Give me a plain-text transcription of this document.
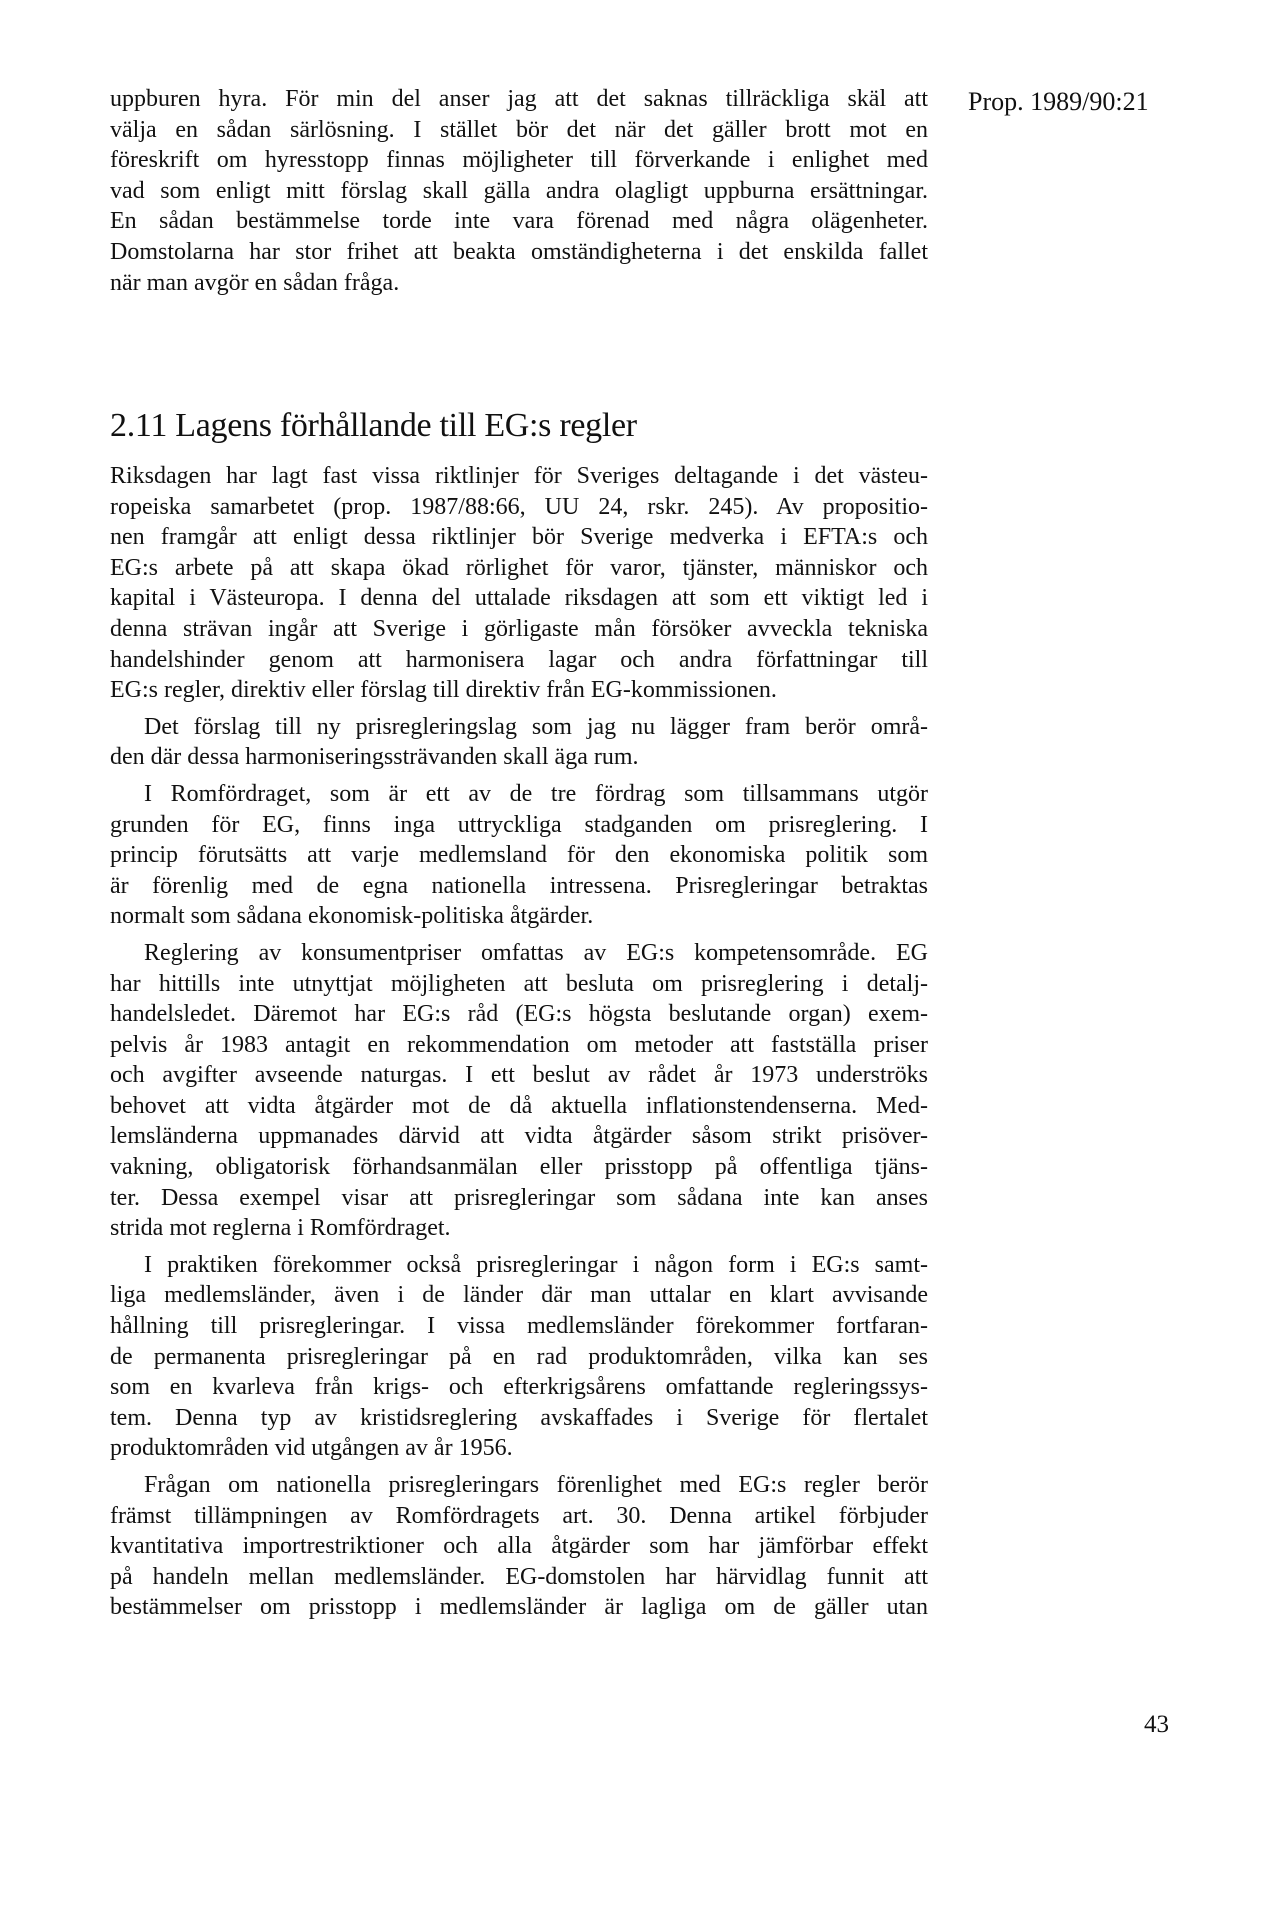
Prop. 1989/90:21

uppburen hyra. För min del anser jag att det saknas tillräckliga skäl att
välja en sådan särlösning. I stället bör det när det gäller brott mot en
föreskrift om hyresstopp finnas möjligheter till förverkande i enlighet med
vad som enligt mitt förslag skall gälla andra olagligt uppburna ersättningar.
En sådan bestämmelse torde inte vara förenad med några olägenheter.
Domstolarna har stor frihet att beakta omständigheterna i det enskilda fallet
när man avgör en sådan fråga.

2.11 Lagens förhållande till EG:s regler

Riksdagen har lagt fast vissa riktlinjer för Sveriges deltagande i det västeu-
ropeiska samarbetet (prop. 1987/88:66, UU 24, rskr. 245). Av propositio-
nen framgår att enligt dessa riktlinjer bör Sverige medverka i EFTA:s och
EG:s arbete på att skapa ökad rörlighet för varor, tjänster, människor och
kapital i Västeuropa. I denna del uttalade riksdagen att som ett viktigt led i
denna strävan ingår att Sverige i görligaste mån försöker avveckla tekniska
handelshinder genom att harmonisera lagar och andra författningar till
EG:s regler, direktiv eller förslag till direktiv från EG-kommissionen.

Det förslag till ny prisregleringslag som jag nu lägger fram berör områ-
den där dessa harmoniseringssträvanden skall äga rum.

I Romfördraget, som är ett av de tre fördrag som tillsammans utgör
grunden för EG, finns inga uttryckliga stadganden om prisreglering. I
princip förutsätts att varje medlemsland för den ekonomiska politik som
är förenlig med de egna nationella intressena. Prisregleringar betraktas
normalt som sådana ekonomisk-politiska åtgärder.

Reglering av konsumentpriser omfattas av EG:s kompetensområde. EG
har hittills inte utnyttjat möjligheten att besluta om prisreglering i detalj-
handelsledet. Däremot har EG:s råd (EG:s högsta beslutande organ) exem-
pelvis år 1983 antagit en rekommendation om metoder att fastställa priser
och avgifter avseende naturgas. I ett beslut av rådet år 1973 underströks
behovet att vidta åtgärder mot de då aktuella inflationstendenserna. Med-
lemsländerna uppmanades därvid att vidta åtgärder såsom strikt prisöver-
vakning, obligatorisk förhandsanmälan eller prisstopp på offentliga tjäns-
ter. Dessa exempel visar att prisregleringar som sådana inte kan anses
strida mot reglerna i Romfördraget.

I praktiken förekommer också prisregleringar i någon form i EG:s samt-
liga medlemsländer, även i de länder där man uttalar en klart avvisande
hållning till prisregleringar. I vissa medlemsländer förekommer fortfaran-
de permanenta prisregleringar på en rad produktområden, vilka kan ses
som en kvarleva från krigs- och efterkrigsårens omfattande regleringssys-
tem. Denna typ av kristidsreglering avskaffades i Sverige för flertalet
produktområden vid utgången av år 1956.

Frågan om nationella prisregleringars förenlighet med EG:s regler berör
främst tillämpningen av Romfördragets art. 30. Denna artikel förbjuder
kvantitativa importrestriktioner och alla åtgärder som har jämförbar effekt
på handeln mellan medlemsländer. EG-domstolen har härvidlag funnit att
bestämmelser om prisstopp i medlemsländer är lagliga om de gäller utan

43
